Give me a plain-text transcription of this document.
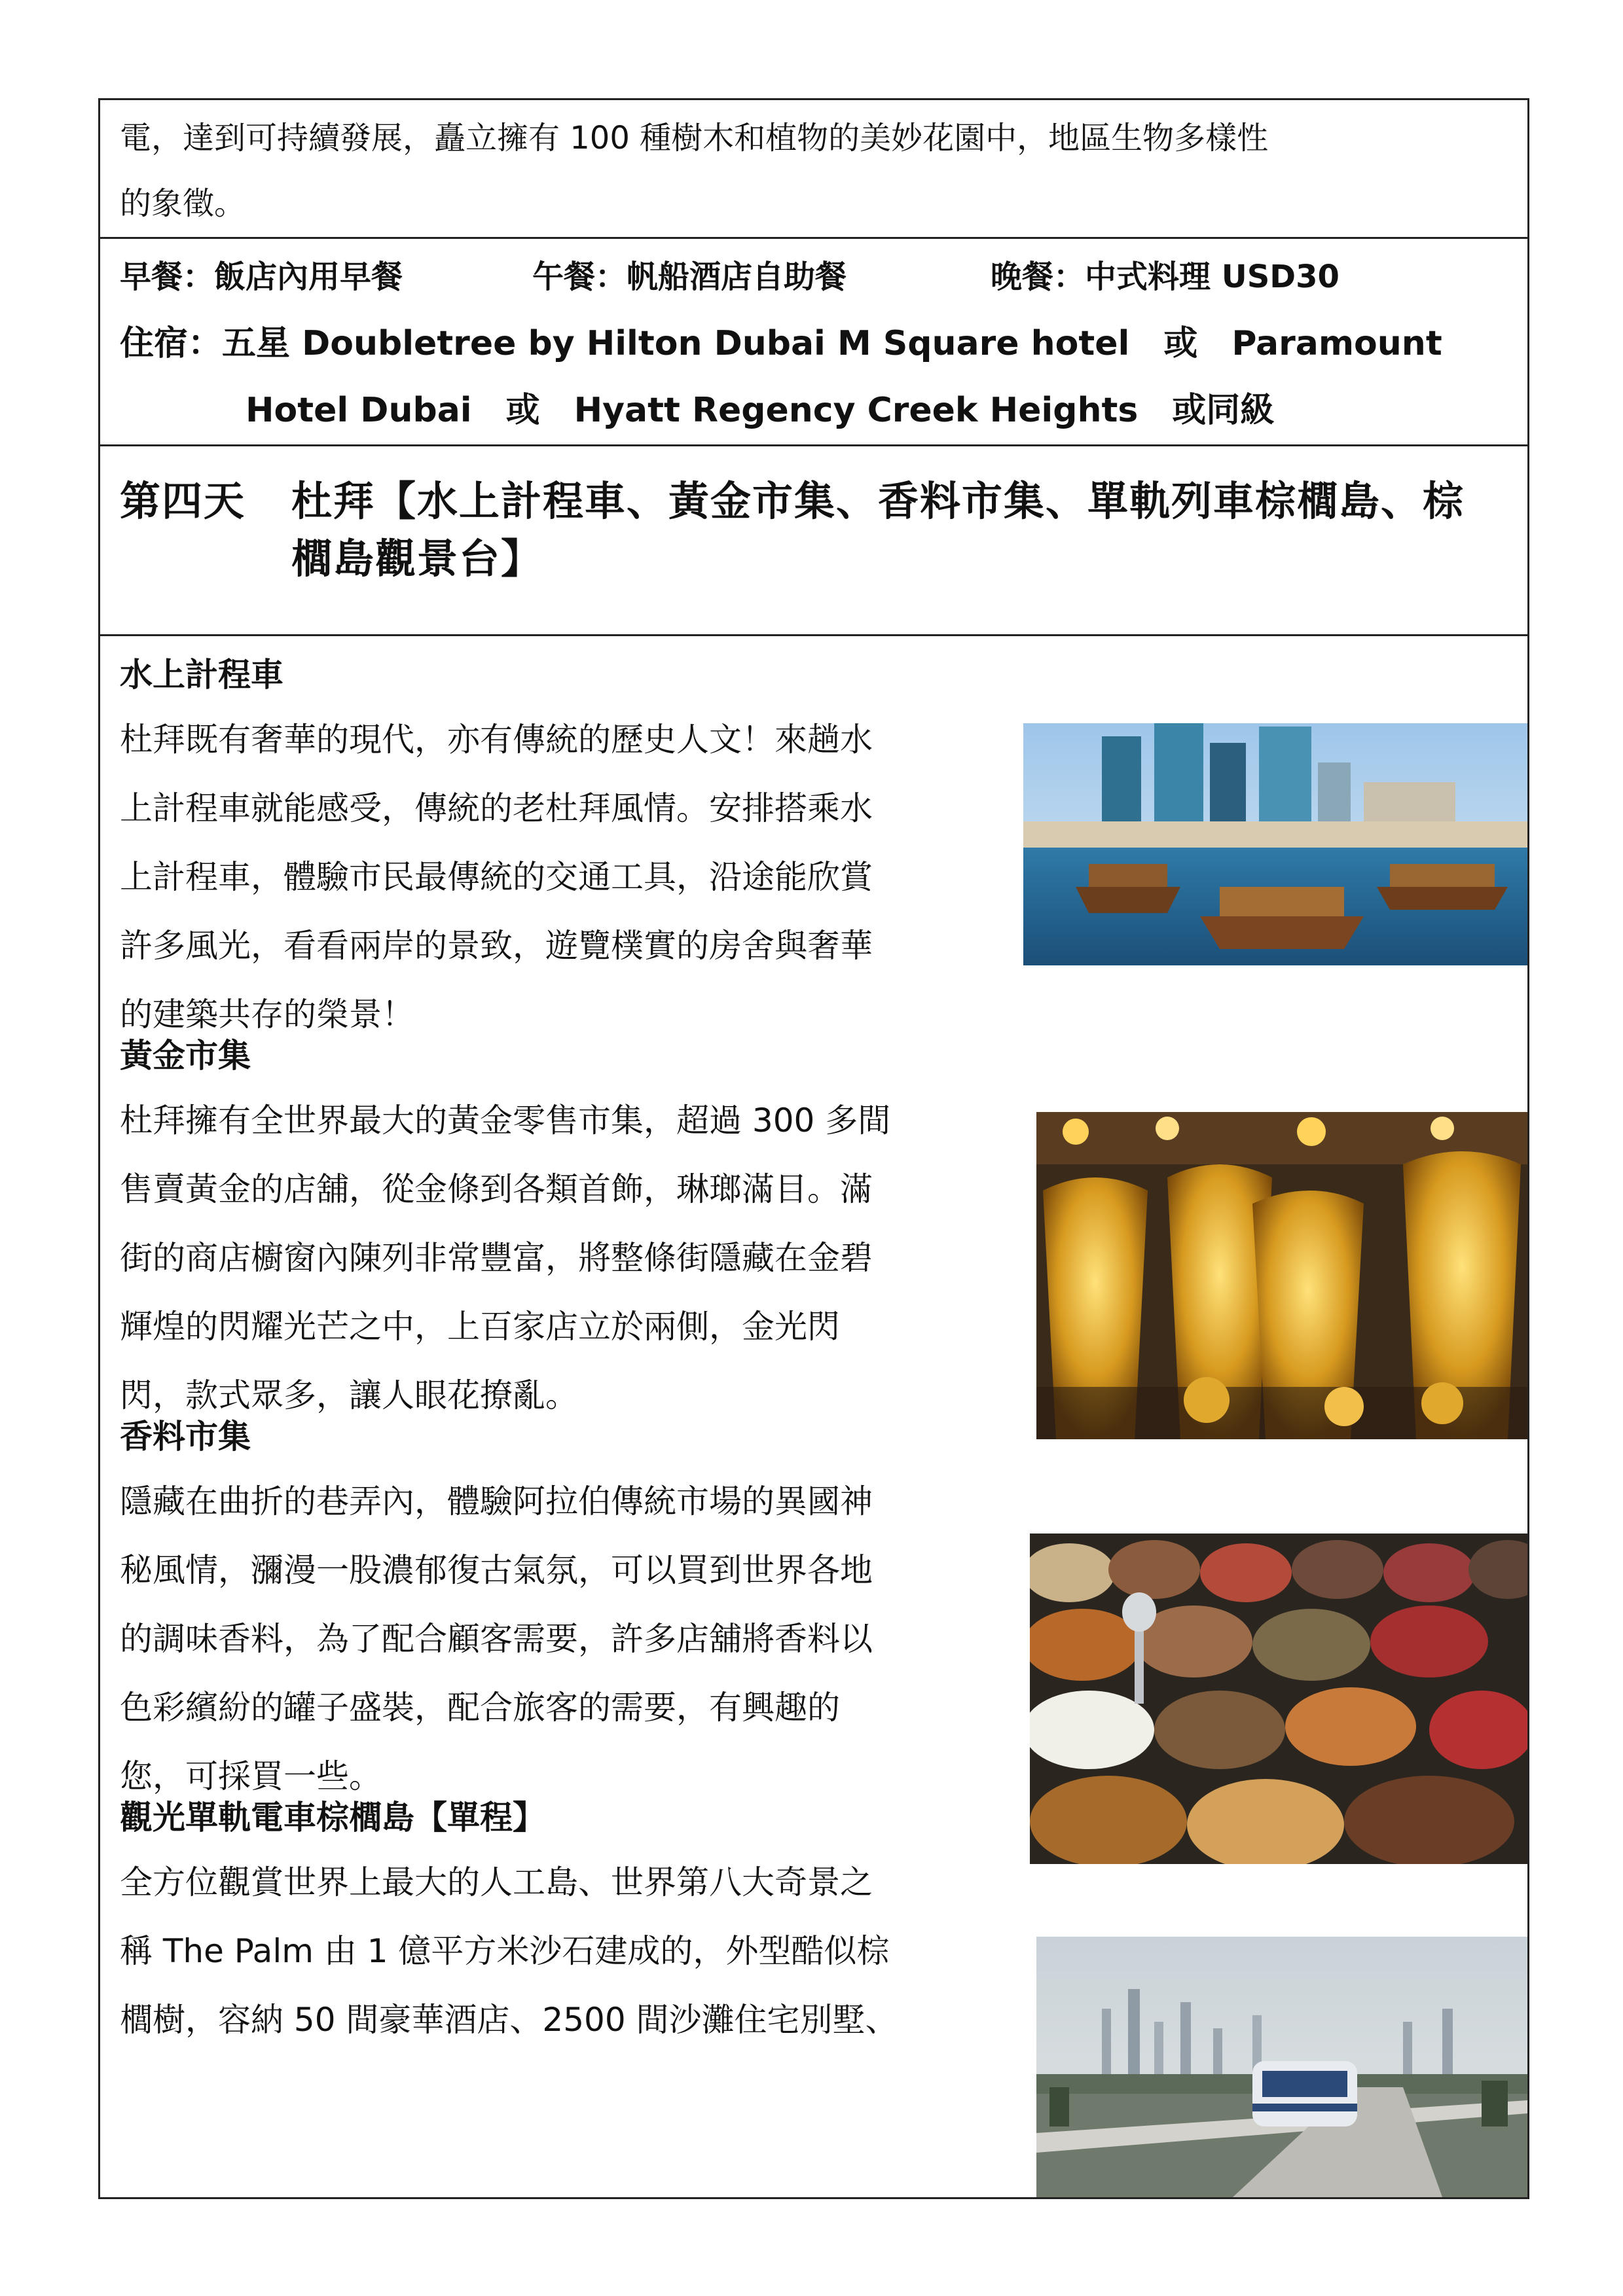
電，達到可持續發展，矗立擁有 100 種樹木和植物的美妙花園中，地區生物多樣性
的象徵。
早餐：飯店內用早餐	午餐：帆船酒店自助餐	晚餐：中式料理 USD30
住宿：五星 Doubletree by Hilton Dubai M Square hotel　或　Paramount
Hotel Dubai　或　Hyatt Regency Creek Heights　或同級
第四天 杜拜【水上計程車、黃金市集、香料市集、單軌列車棕櫚島、棕
櫚島觀景台】
水上計程車
杜拜既有奢華的現代，亦有傳統的歷史人文！來趟水
上計程車就能感受，傳統的老杜拜風情。安排搭乘水
上計程車，體驗市民最傳統的交通工具，沿途能欣賞
許多風光，看看兩岸的景致，遊覽樸實的房舍與奢華
的建築共存的榮景！
黃金市集
杜拜擁有全世界最大的黃金零售市集，超過 300 多間
售賣黃金的店舖，從金條到各類首飾，琳瑯滿目。滿
街的商店櫥窗內陳列非常豐富，將整條街隱藏在金碧
輝煌的閃耀光芒之中，上百家店立於兩側，金光閃
閃，款式眾多，讓人眼花撩亂。
香料市集
隱藏在曲折的巷弄內，體驗阿拉伯傳統市場的異國神
秘風情，瀰漫一股濃郁復古氣氛，可以買到世界各地
的調味香料，為了配合顧客需要，許多店舖將香料以
色彩繽紛的罐子盛裝，配合旅客的需要，有興趣的
您，可採買一些。
觀光單軌電車棕櫚島【單程】
全方位觀賞世界上最大的人工島、世界第八大奇景之
稱 The Palm 由 1 億平方米沙石建成的，外型酷似棕
櫚樹，容納 50 間豪華酒店、2500 間沙灘住宅別墅、
